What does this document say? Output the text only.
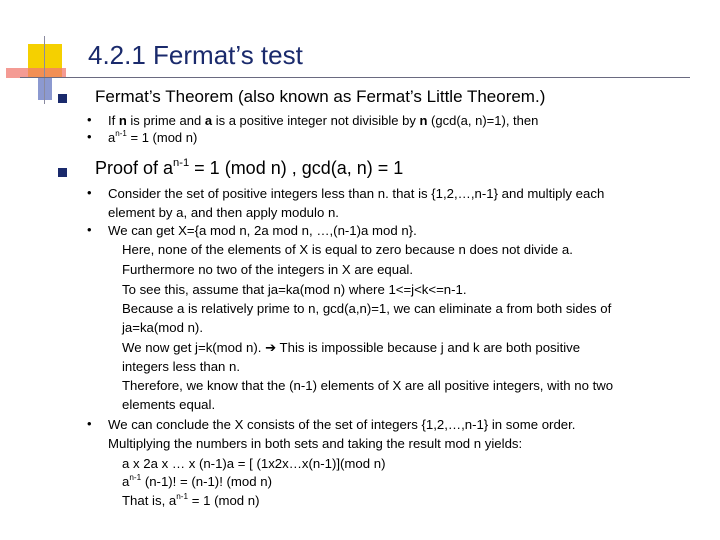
4.2.1 Fermat’s test
Fermat’s Theorem (also known as Fermat’s Little Theorem.)
• If n is prime and a is a positive integer not divisible by n (gcd(a, n)=1), then
• $a^{n-1} = 1$ (mod n)
Proof of $a^{n-1} = 1$ (mod n) , gcd(a, n) = 1
• Consider the set of positive integers less than n. that is {1,2,…,n-1} and multiply each
element by a, and then apply modulo n.
• We can get X={a mod n, 2a mod n, …,(n-1)a mod n}.
Here, none of the elements of X is equal to zero because n does not divide a.
Furthermore no two of the integers in X are equal.
To see this, assume that ja=ka(mod n) where 1<=j<k<=n-1.
Because a is relatively prime to n, gcd(a,n)=1, we can eliminate a from both sides of
ja=ka(mod n).
We now get j=k(mod n). ➔ This is impossible because j and k are both positive
integers less than n.
Therefore, we know that the (n-1) elements of X are all positive integers, with no two
elements equal.
• We can conclude the X consists of the set of integers {1,2,…,n-1} in some order.
Multiplying the numbers in both sets and taking the result mod n yields:
a x 2a x … x (n-1)a = [ (1x2x…x(n-1)](mod n)
$a^{n-1}$ (n-1)! = (n-1)! (mod n)
That is, $a^{n-1} = 1$ (mod n)
